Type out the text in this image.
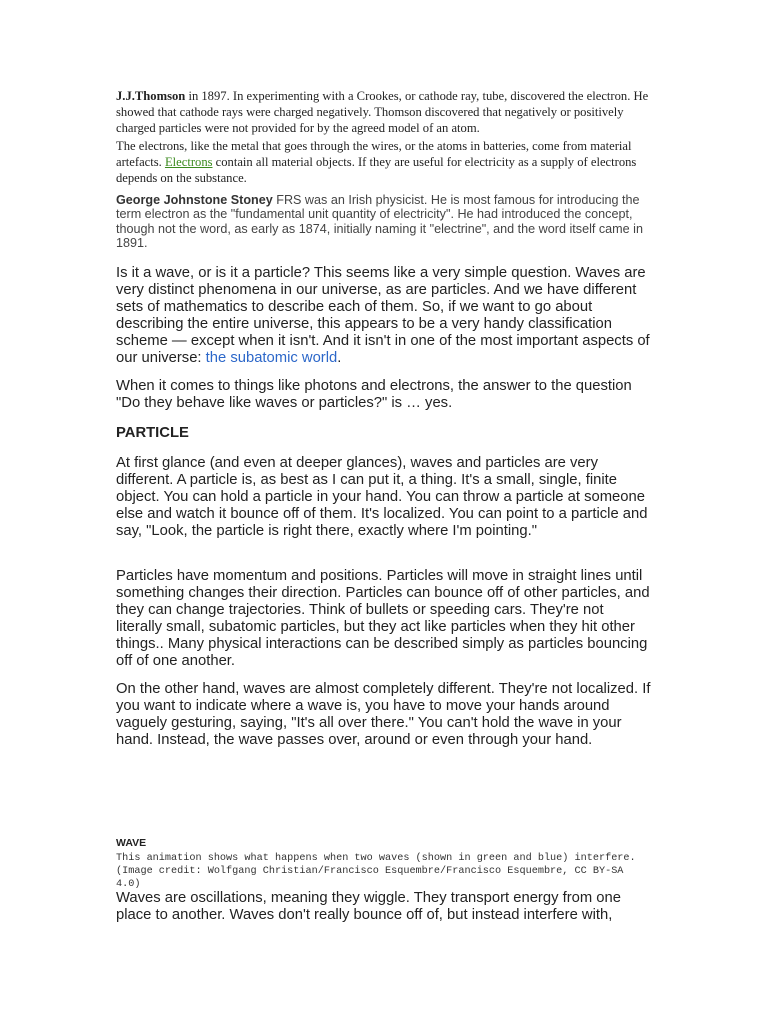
J.J.Thomson in 1897. In experimenting with a Crookes, or cathode ray, tube, discovered the electron. He showed that cathode rays were charged negatively. Thomson discovered that negatively or positively charged particles were not provided for by the agreed model of an atom.

The electrons, like the metal that goes through the wires, or the atoms in batteries, come from material artefacts. Electrons contain all material objects. If they are useful for electricity as a supply of electrons depends on the substance.

George Johnstone Stoney FRS was an Irish physicist. He is most famous for introducing the term electron as the "fundamental unit quantity of electricity". He had introduced the concept, though not the word, as early as 1874, initially naming it "electrine", and the word itself came in 1891.

Is it a wave, or is it a particle? This seems like a very simple question. Waves are very distinct phenomena in our universe, as are particles. And we have different sets of mathematics to describe each of them. So, if we want to go about describing the entire universe, this appears to be a very handy classification scheme — except when it isn't. And it isn't in one of the most important aspects of our universe: the subatomic world.

When it comes to things like photons and electrons, the answer to the question "Do they behave like waves or particles?" is … yes.

PARTICLE

At first glance (and even at deeper glances), waves and particles are very different. A particle is, as best as I can put it, a thing. It's a small, single, finite object. You can hold a particle in your hand. You can throw a particle at someone else and watch it bounce off of them. It's localized. You can point to a particle and say, "Look, the particle is right there, exactly where I'm pointing."

Particles have momentum and positions. Particles will move in straight lines until something changes their direction. Particles can bounce off of other particles, and they can change trajectories. Think of bullets or speeding cars. They're not literally small, subatomic particles, but they act like particles when they hit other things.. Many physical interactions can be described simply as particles bouncing off of one another.

On the other hand, waves are almost completely different. They're not localized. If you want to indicate where a wave is, you have to move your hands around vaguely gesturing, saying, "It's all over there." You can't hold the wave in your hand. Instead, the wave passes over, around or even through your hand.

WAVE

This animation shows what happens when two waves (shown in green and blue) interfere.    (Image credit: Wolfgang Christian/Francisco Esquembre/Francisco Esquembre, CC BY-SA 4.0)

Waves are oscillations, meaning they wiggle. They transport energy from one place to another. Waves don't really bounce off of, but instead interfere with,
